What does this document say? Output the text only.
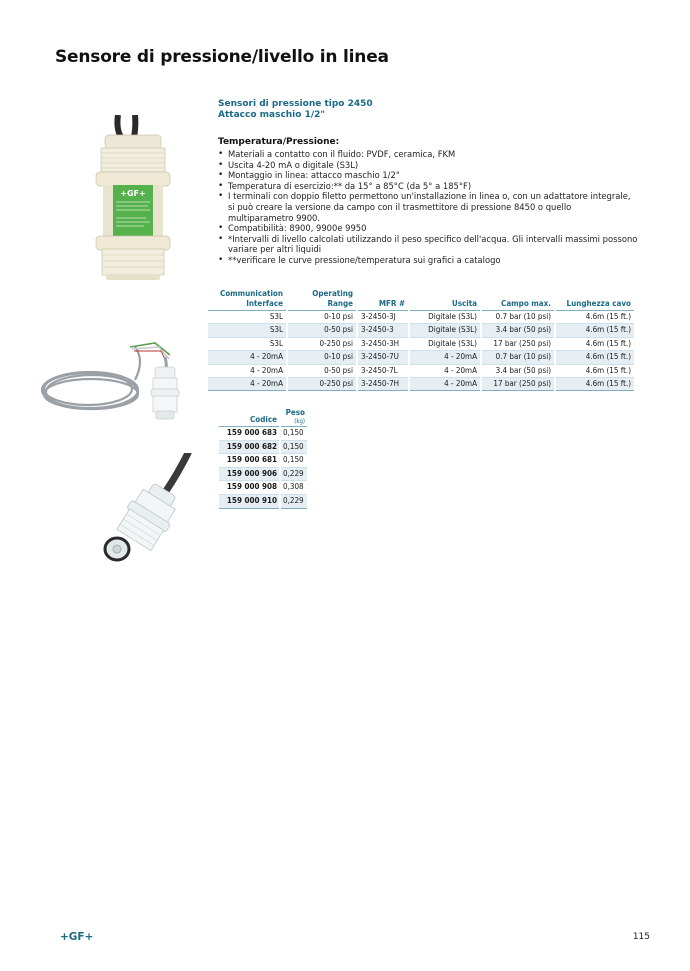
Sensore di pressione/livello in linea
+GF+
Sensori di pressione tipo 2450
Attacco maschio 1/2"
Temperatura/Pressione:
• Materiali a contatto con il fluido: PVDF, ceramica, FKM
• Uscita 4-20 mA o digitale (S3L)
• Montaggio in linea: attacco maschio 1/2"
• Temperatura di esercizio:** da 15° a 85°C (da 5° a 185°F)
• I terminali con doppio filetto permettono un'installazione in linea o, con un adattatore integrale, si può creare la versione da campo con il trasmettitore di pressione 8450 o quello multiparametro 9900.
• Compatibilità: 8900, 9900e 9950
• *Intervalli di livello calcolati utilizzando il peso specifico dell'acqua. Gli intervalli massimi possono variare per altri liquidi
• **verificare le curve pressione/temperatura sui grafici a catalogo
Communication
Interface	Operating
Range	MFR #	Uscita	Campo max.	Lunghezza cavo
S3L	0-10 psi	3-2450-3J	Digitale (S3L)	0.7 bar (10 psi)	4.6m (15 ft.)
S3L	0-50 psi	3-2450-3	Digitale (S3L)	3.4 bar (50 psi)	4.6m (15 ft.)
S3L	0-250 psi	3-2450-3H	Digitale (S3L)	17 bar (250 psi)	4.6m (15 ft.)
4 - 20mA	0-10 psi	3-2450-7U	4 - 20mA	0.7 bar (10 psi)	4.6m (15 ft.)
4 - 20mA	0-50 psi	3-2450-7L	4 - 20mA	3.4 bar (50 psi)	4.6m (15 ft.)
4 - 20mA	0-250 psi	3-2450-7H	4 - 20mA	17 bar (250 psi)	4.6m (15 ft.)
Codice	Peso
(kg)

159 000 683	0,150
159 000 682	0,150
159 000 681	0,150
159 000 906	0,229
159 000 908	0,308
159 000 910	0,229
+GF+	115
